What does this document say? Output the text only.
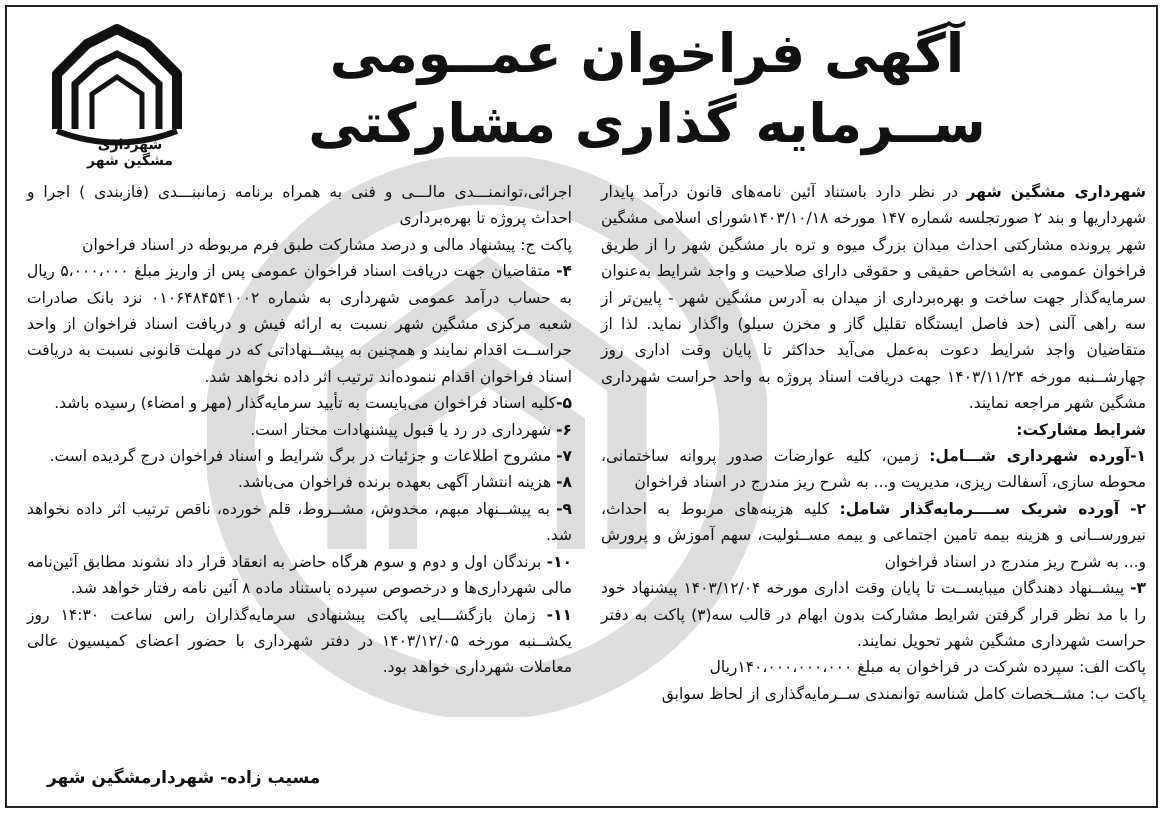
شهرداری
مشگین شهر
آگهی فراخوان عمــومی
ســرمایه گذاری مشارکتی

شهرداری مشگین شهر در نظر دارد باستناد آئین نامه‌های قانون درآمد پایدار شهرداریها و بند ۲ صورتجلسه شماره ۱۴۷ مورخه ۱۴۰۳/۱۰/۱۸شورای اسلامی مشگین شهر پرونده مشارکتی احداث میدان بزرگ میوه و تره بار مشگین شهر را از طریق فراخوان عمومی به اشخاص حقیقی و حقوقی دارای صلاحیت و واجد شرایط به‌عنوان سرمایه‌گذار جهت ساخت و بهره‌برداری از میدان به آدرس مشگین شهر - پایین‌تر از سه راهی آلنی (حد فاصل ایستگاه تقلیل گاز و مخزن سیلو) واگذار نماید. لذا از متقاضیان واجد شرایط دعوت به‌عمل می‌آید حداکثر تا پایان وقت اداری روز چهارشــنبه مورخه ۱۴۰۳/۱۱/۲۴ جهت دریافت اسناد پروژه به واحد حراست شهرداری مشگین شهر مراجعه نمایند.

شرایط مشارکت:

۱-آورده شهرداری شـــامل: زمین، کلیه عوارضات صدور پروانه ساختمانی، محوطه سازی، آسفالت ریزی، مدیریت و... به شرح ریز مندرج در اسناد فراخوان

۲- آورده شریک ســــرمایه‌گذار شامل: کلیه هزینه‌های مربوط به احداث، نیرورســانی و هزینه بیمه تامین اجتماعی و بیمه مســئولیت، سهم آموزش و پرورش و... به شرح ریز مندرج در اسناد فراخوان

۳- پیشــنهاد دهندگان میبایســت تا پایان وقت اداری مورخه ۱۴۰۳/۱۲/۰۴ پیشنهاد خود را با مد نظر قرار گرفتن شرایط مشارکت بدون ابهام در قالب سه(۳) پاکت به دفتر حراست شهرداری مشگین شهر تحویل نمایند.

پاکت الف: سپرده شرکت در فراخوان به مبلغ ۱۴۰،۰۰۰،۰۰۰،۰۰۰ریال

پاکت ب: مشــخصات کامل شناسه توانمندی ســرمایه‌گذاری از لحاظ سوابق

اجرائی،توانمنـــدی مالـــی و فنی به همراه برنامه زمانبنـــدی (فازبندی ) اجرا و احداث پروژه تا بهره‌برداری

پاکت ج: پیشنهاد مالی و درصد مشارکت طبق فرم مربوطه در اسناد فراخوان

۴- متقاضیان جهت دریافت اسناد فراخوان عمومی پس از واریز مبلغ ۵،۰۰۰،۰۰۰ ریال به حساب درآمد عمومی شهرداری به شماره ۰۱۰۶۴۸۴۵۴۱۰۰۲ نزد بانک صادرات شعبه مرکزی مشگین شهر نسبت به ارائه فیش و دریافت اسناد فراخوان از واحد حراســت اقدام نمایند و همچنین به پیشــنهاداتی که در مهلت قانونی نسبت به دریافت اسناد فراخوان اقدام ننموده‌اند ترتیب اثر داده نخواهد شد.

۵-کلیه اسناد فراخوان می‌بایست به تأیید سرمایه‌گذار (مهر و امضاء) رسیده باشد.

۶- شهرداری در رد یا قبول پیشنهادات مختار است.

۷- مشروح اطلاعات و جزئیات در برگ شرایط و اسناد فراخوان درج گردیده است.

۸- هزینه انتشار آگهی بعهده برنده فراخوان می‌باشد.

۹- به پیشــنهاد مبهم، مخدوش، مشــروط، قلم خورده، ناقص ترتیب اثر داده نخواهد شد.

۱۰- برندگان اول و دوم و سوم هرگاه حاضر به انعقاد قرار داد نشوند مطابق آئین‌نامه مالی شهرداری‌ها و درخصوص سپرده باستناد ماده ۸ آئین نامه رفتار خواهد شد.

۱۱- زمان بازگشـــایی پاکت پیشنهادی سرمایه‌گذاران راس ساعت ۱۴:۳۰ روز یکشــنبه مورخه ۱۴۰۳/۱۲/۰۵ در دفتر شهرداری با حضور اعضای کمیسیون عالی معاملات شهرداری خواهد بود.

مسیب زاده- شهردارمشگین شهر
